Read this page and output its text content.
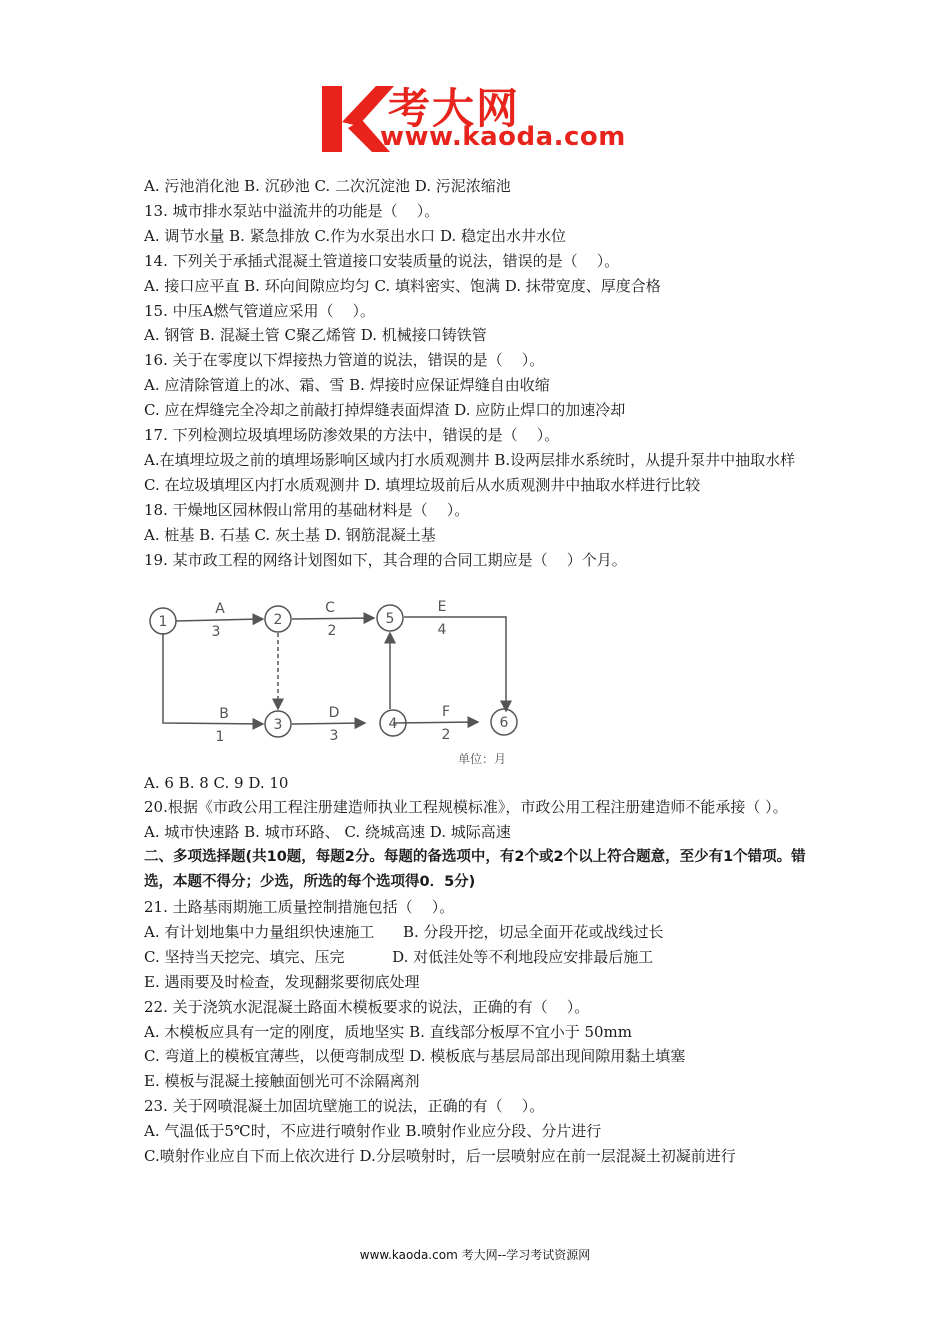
考大网
www.kaoda.com
A. 污池消化池 B. 沉砂池 C. 二次沉淀池 D. 污泥浓缩池
13. 城市排水泵站中溢流井的功能是（    ）。
A. 调节水量 B. 紧急排放 C.作为水泵出水口 D. 稳定出水井水位
14. 下列关于承插式混凝土管道接口安装质量的说法，错误的是（    ）。
A. 接口应平直 B. 环向间隙应均匀 C. 填料密实、饱满 D. 抹带宽度、厚度合格
15. 中压A燃气管道应采用（    ）。
A. 钢管 B. 混凝土管 C聚乙烯管 D. 机械接口铸铁管
16. 关于在零度以下焊接热力管道的说法，错误的是（    ）。
A. 应清除管道上的冰、霜、雪 B. 焊接时应保证焊缝自由收缩
C. 应在焊缝完全冷却之前敲打掉焊缝表面焊渣 D. 应防止焊口的加速冷却
17. 下列检测垃圾填埋场防渗效果的方法中，错误的是（    ）。
A.在填埋垃圾之前的填埋场影响区域内打水质观测井 B.设两层排水系统时，从提升泵井中抽取水样
C. 在垃圾填埋区内打水质观测井 D. 填埋垃圾前后从水质观测井中抽取水样进行比较
18. 干燥地区园林假山常用的基础材料是（    ）。
A. 桩基 B. 石基 C. 灰土基 D. 钢筋混凝土基
19. 某市政工程的网络计划图如下，其合理的合同工期应是（    ）个月。
1	2
3	4
5
6
A
3
C
2
E
4
B
1
D
3
F
2
单位：月
A. 6 B. 8 C. 9 D. 10
20.根据《市政公用工程注册建造师执业工程规模标准》，市政公用工程注册建造师不能承接（ ）。
A. 城市快速路 B. 城市环路、 C. 绕城高速 D. 城际高速
二、多项选择题(共10题，每题2分。每题的备选项中，有2个或2个以上符合题意，至少有1个错项。错选，本题不得分；少选，所选的每个选项得0．5分)
21. 土路基雨期施工质量控制措施包括（    ）。
A. 有计划地集中力量组织快速施工      B. 分段开挖，切忌全面开花或战线过长
C. 坚持当天挖完、填完、压完          D. 对低洼处等不利地段应安排最后施工
E. 遇雨要及时检查，发现翻浆要彻底处理
22. 关于浇筑水泥混凝土路面木模板要求的说法，正确的有（    ）。
A. 木模板应具有一定的刚度，质地坚实 B. 直线部分板厚不宜小于 50mm
C. 弯道上的模板宜薄些，以便弯制成型 D. 模板底与基层局部出现间隙用黏土填塞
E. 模板与混凝土接触面刨光可不涂隔离剂
23. 关于网喷混凝土加固坑壁施工的说法，正确的有（    ）。
A. 气温低于5℃时，不应进行喷射作业 B.喷射作业应分段、分片进行
C.喷射作业应自下而上依次进行 D.分层喷射时，后一层喷射应在前一层混凝土初凝前进行
www.kaoda.com 考大网--学习考试资源网
